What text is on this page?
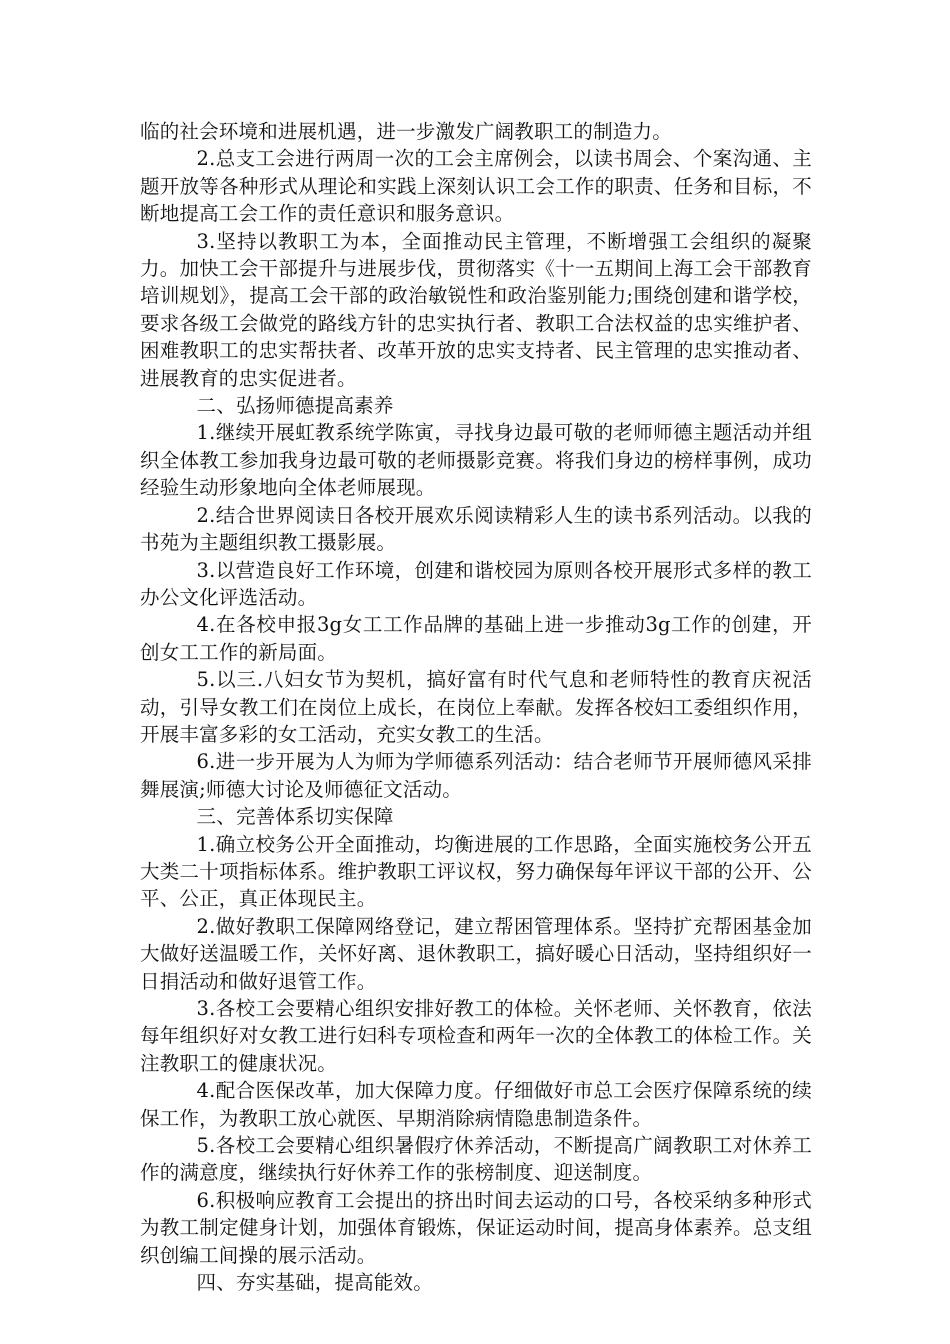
临的社会环境和进展机遇，进一步激发广阔教职工的制造力。

2.总支工会进行两周一次的工会主席例会，以读书周会、个案沟通、主题开放等各种形式从理论和实践上深刻认识工会工作的职责、任务和目标，不断地提高工会工作的责任意识和服务意识。

3.坚持以教职工为本，全面推动民主管理，不断增强工会组织的凝聚力。加快工会干部提升与进展步伐，贯彻落实《十一五期间上海工会干部教育培训规划》，提高工会干部的政治敏锐性和政治鉴别能力;围绕创建和谐学校，要求各级工会做党的路线方针的忠实执行者、教职工合法权益的忠实维护者、困难教职工的忠实帮扶者、改革开放的忠实支持者、民主管理的忠实推动者、进展教育的忠实促进者。

二、弘扬师德提高素养

1.继续开展虹教系统学陈寅，寻找身边最可敬的老师师德主题活动并组织全体教工参加我身边最可敬的老师摄影竞赛。将我们身边的榜样事例，成功经验生动形象地向全体老师展现。

2.结合世界阅读日各校开展欢乐阅读精彩人生的读书系列活动。以我的书苑为主题组织教工摄影展。

3.以营造良好工作环境，创建和谐校园为原则各校开展形式多样的教工办公文化评选活动。

4.在各校申报3g女工工作品牌的基础上进一步推动3g工作的创建，开创女工工作的新局面。

5.以三.八妇女节为契机，搞好富有时代气息和老师特性的教育庆祝活动，引导女教工们在岗位上成长，在岗位上奉献。发挥各校妇工委组织作用，开展丰富多彩的女工活动，充实女教工的生活。

6.进一步开展为人为师为学师德系列活动：结合老师节开展师德风采排舞展演;师德大讨论及师德征文活动。

三、完善体系切实保障

1.确立校务公开全面推动，均衡进展的工作思路，全面实施校务公开五大类二十项指标体系。维护教职工评议权，努力确保每年评议干部的公开、公平、公正，真正体现民主。

2.做好教职工保障网络登记，建立帮困管理体系。坚持扩充帮困基金加大做好送温暖工作，关怀好离、退休教职工，搞好暖心日活动，坚持组织好一日捐活动和做好退管工作。

3.各校工会要精心组织安排好教工的体检。关怀老师、关怀教育，依法每年组织好对女教工进行妇科专项检查和两年一次的全体教工的体检工作。关注教职工的健康状况。

4.配合医保改革，加大保障力度。仔细做好市总工会医疗保障系统的续保工作，为教职工放心就医、早期消除病情隐患制造条件。

5.各校工会要精心组织暑假疗休养活动，不断提高广阔教职工对休养工作的满意度，继续执行好休养工作的张榜制度、迎送制度。

6.积极响应教育工会提出的挤出时间去运动的口号，各校采纳多种形式为教工制定健身计划，加强体育锻炼，保证运动时间，提高身体素养。总支组织创编工间操的展示活动。

四、夯实基础，提高能效。
